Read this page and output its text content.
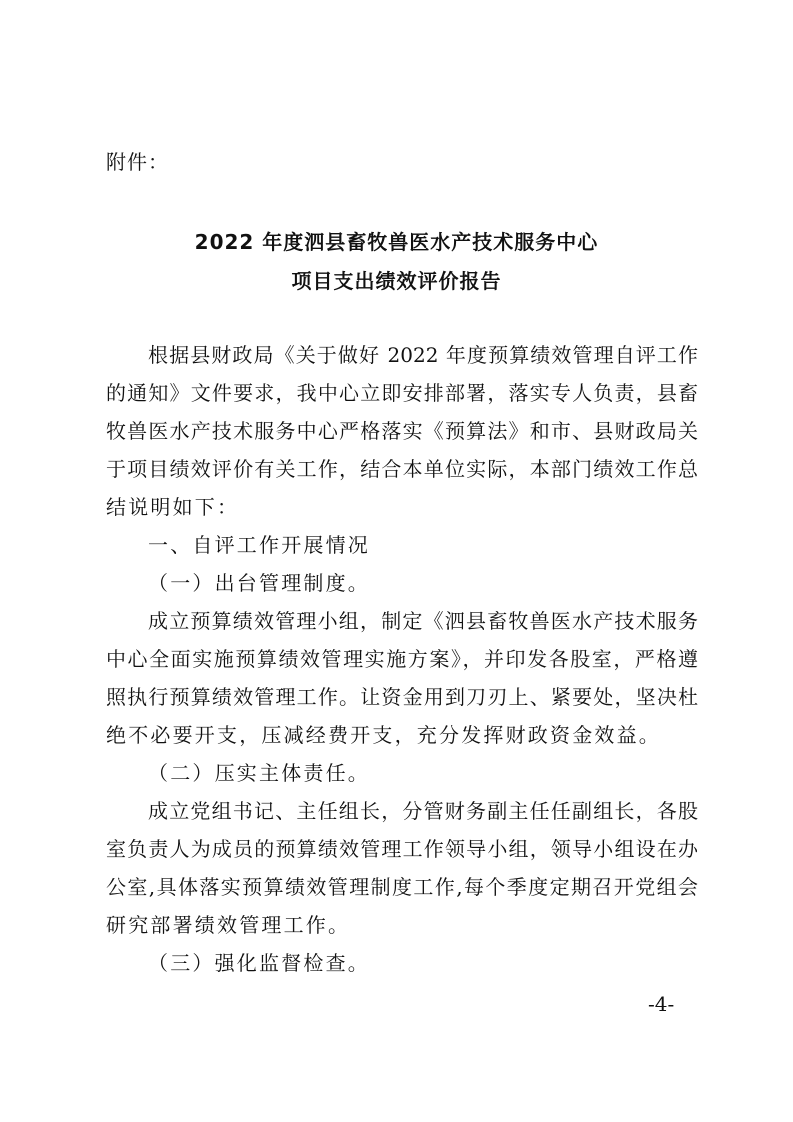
附件：
2022 年度泗县畜牧兽医水产技术服务中心
项目支出绩效评价报告
根据县财政局《关于做好 2022 年度预算绩效管理自评工作
的通知》文件要求，我中心立即安排部署，落实专人负责，县畜
牧兽医水产技术服务中心严格落实《预算法》和市、县财政局关
于项目绩效评价有关工作，结合本单位实际，本部门绩效工作总
结说明如下：
一、自评工作开展情况
（一）出台管理制度。
成立预算绩效管理小组，制定《泗县畜牧兽医水产技术服务
中心全面实施预算绩效管理实施方案》，并印发各股室，严格遵
照执行预算绩效管理工作。让资金用到刀刃上、紧要处，坚决杜
绝不必要开支，压减经费开支，充分发挥财政资金效益。
（二）压实主体责任。
成立党组书记、主任组长，分管财务副主任任副组长，各股
室负责人为成员的预算绩效管理工作领导小组，领导小组设在办
公室,具体落实预算绩效管理制度工作,每个季度定期召开党组会
研究部署绩效管理工作。
（三）强化监督检查。
-4-
